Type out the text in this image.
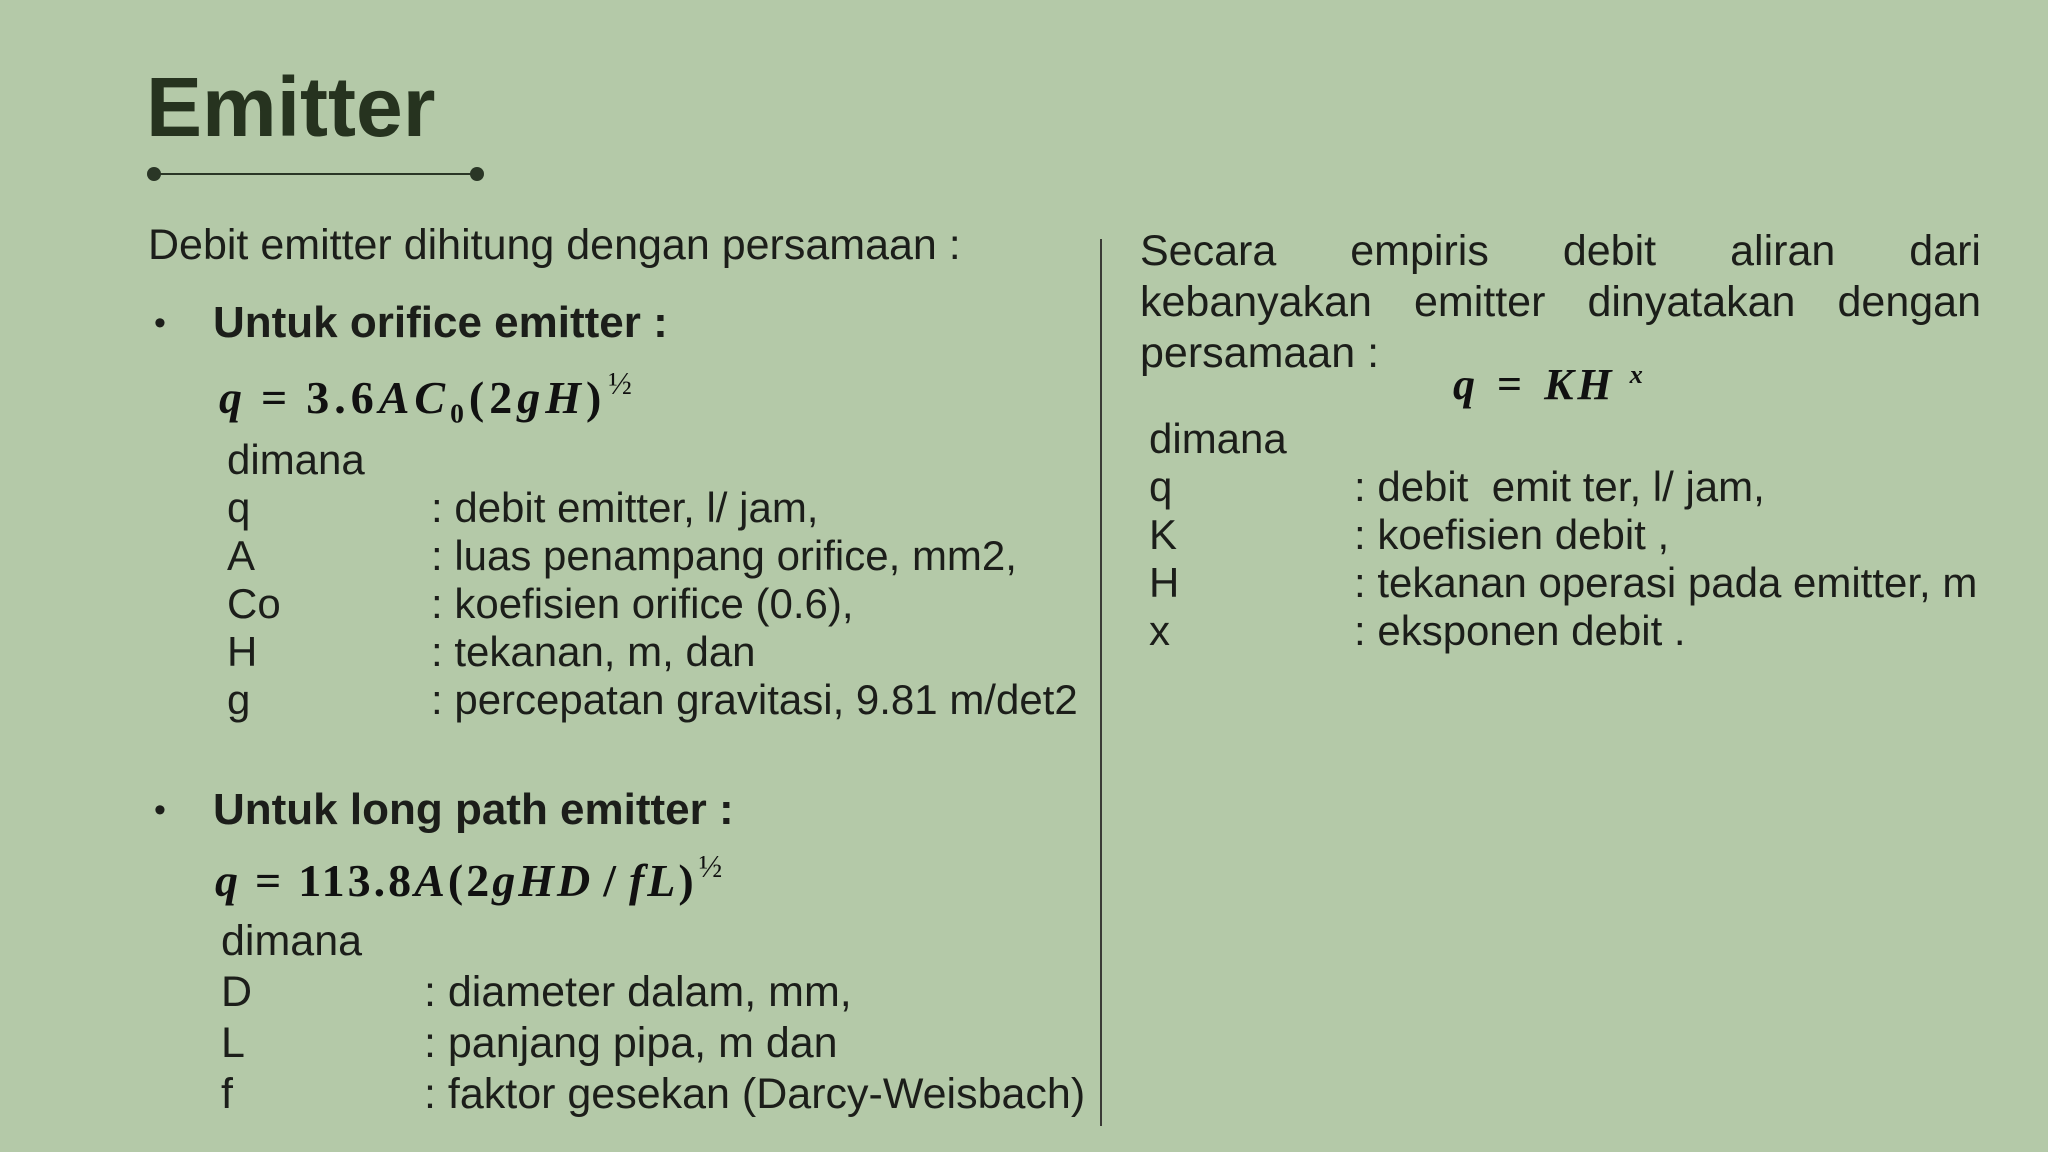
Emitter

Debit emitter dihitung dengan persamaan :

• Untuk orifice emitter :
$q = 3.6AC_0(2gH)^{\frac{1}{2}}$
dimana
q	: debit emitter, l/ jam,
A	: luas penampang orifice, mm2,
Co	: koefisien orifice (0.6),
H	: tekanan, m, dan
g	: percepatan gravitasi, 9.81 m/det2
• Untuk long path emitter :
q = 113.8A(2gHD / fL)$^{\frac{1}{2}}$
dimana
D	: diameter dalam, mm,
L	: panjang pipa, m dan
f	: faktor gesekan (Darcy-Weisbach)
Secara empiris debit aliran dari
kebanyakan emitter dinyatakan dengan
persamaan :
q = KH $^x$
dimana
q	: debit  emit ter, l/ jam,
K	: koefisien debit ,
H	: tekanan operasi pada emitter, m
x	: eksponen debit .
